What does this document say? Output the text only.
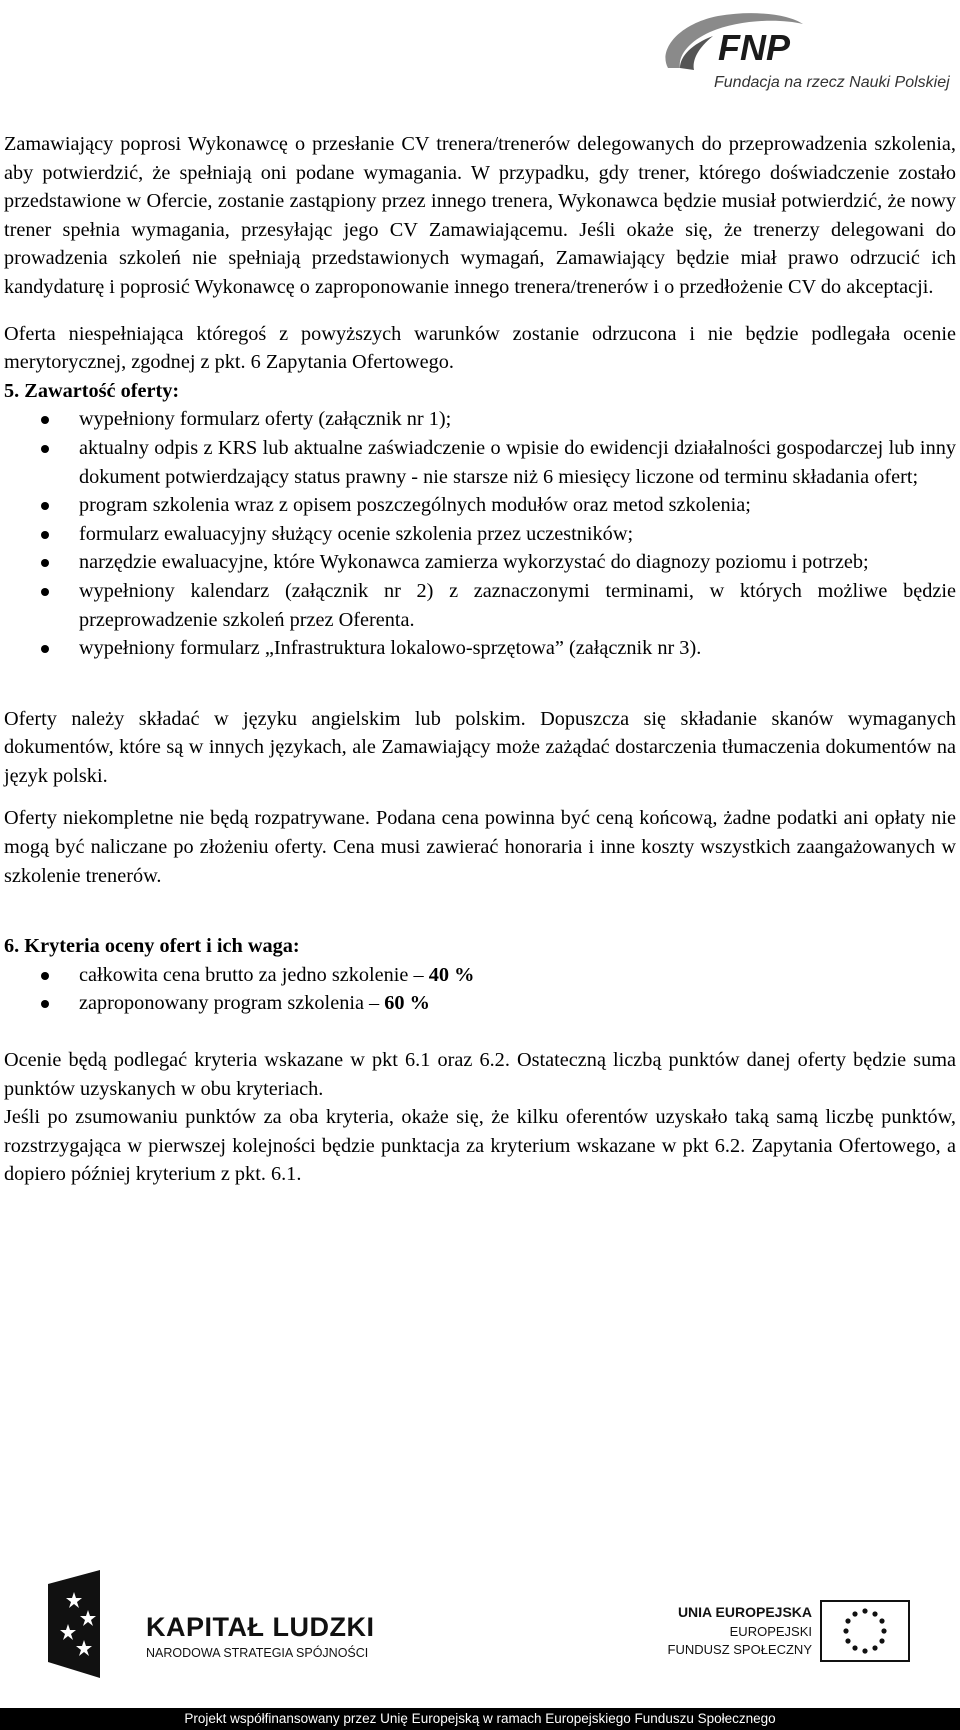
FNP
Fundacja na rzecz Nauki Polskiej

Zamawiający poprosi Wykonawcę o przesłanie CV trenera/trenerów delegowanych do przeprowadzenia szkolenia, aby potwierdzić, że spełniają oni podane wymagania. W przypadku, gdy trener, którego doświadczenie zostało przedstawione w Ofercie, zostanie zastąpiony przez innego trenera, Wykonawca będzie musiał potwierdzić, że nowy trener spełnia wymagania, przesyłając jego CV Zamawiającemu. Jeśli okaże się, że trenerzy delegowani do prowadzenia szkoleń nie spełniają przedstawionych wymagań, Zamawiający będzie miał prawo odrzucić ich kandydaturę i poprosić Wykonawcę o zaproponowanie innego trenera/trenerów i o przedłożenie CV do akceptacji.

Oferta niespełniająca któregoś z powyższych warunków zostanie odrzucona i nie będzie podlegała ocenie merytorycznej, zgodnej z pkt. 6 Zapytania Ofertowego.

5. Zawartość oferty:

wypełniony formularz oferty (załącznik nr 1);
aktualny odpis z KRS lub aktualne zaświadczenie o wpisie do ewidencji działalności gospodarczej lub inny dokument potwierdzający status prawny - nie starsze niż 6 miesięcy liczone od terminu składania ofert;
program szkolenia wraz z opisem poszczególnych modułów oraz metod szkolenia;
formularz ewaluacyjny służący ocenie szkolenia przez uczestników;
narzędzie ewaluacyjne, które Wykonawca zamierza wykorzystać do diagnozy poziomu i potrzeb;
wypełniony kalendarz (załącznik nr 2) z zaznaczonymi terminami, w których możliwe będzie przeprowadzenie szkoleń przez Oferenta.
wypełniony formularz „Infrastruktura lokalowo-sprzętowa” (załącznik nr 3).

Oferty należy składać w języku angielskim lub polskim. Dopuszcza się składanie skanów wymaganych dokumentów, które są w innych językach, ale Zamawiający może zażądać dostarczenia tłumaczenia dokumentów na język polski.

Oferty niekompletne nie będą rozpatrywane. Podana cena powinna być ceną końcową, żadne podatki ani opłaty nie mogą być naliczane po złożeniu oferty. Cena musi zawierać honoraria i inne koszty wszystkich zaangażowanych w szkolenie trenerów.

6. Kryteria oceny ofert i ich waga:

całkowita cena brutto za jedno szkolenie – 40 %
zaproponowany program szkolenia – 60 %

Ocenie będą podlegać kryteria wskazane w pkt 6.1 oraz 6.2. Ostateczną liczbą punktów danej oferty będzie suma punktów uzyskanych w obu kryteriach.

Jeśli po zsumowaniu punktów za oba kryteria, okaże się, że kilku oferentów uzyskało taką samą liczbę punktów, rozstrzygająca w pierwszej kolejności będzie punktacja za kryterium wskazane w pkt 6.2. Zapytania Ofertowego, a dopiero później kryterium z pkt. 6.1.

KAPITAŁ LUDZKI
NARODOWA STRATEGIA SPÓJNOŚCI
UNIA EUROPEJSKA
EUROPEJSKI
FUNDUSZ SPOŁECZNY
Projekt współfinansowany przez Unię Europejską w ramach Europejskiego Funduszu Społecznego
